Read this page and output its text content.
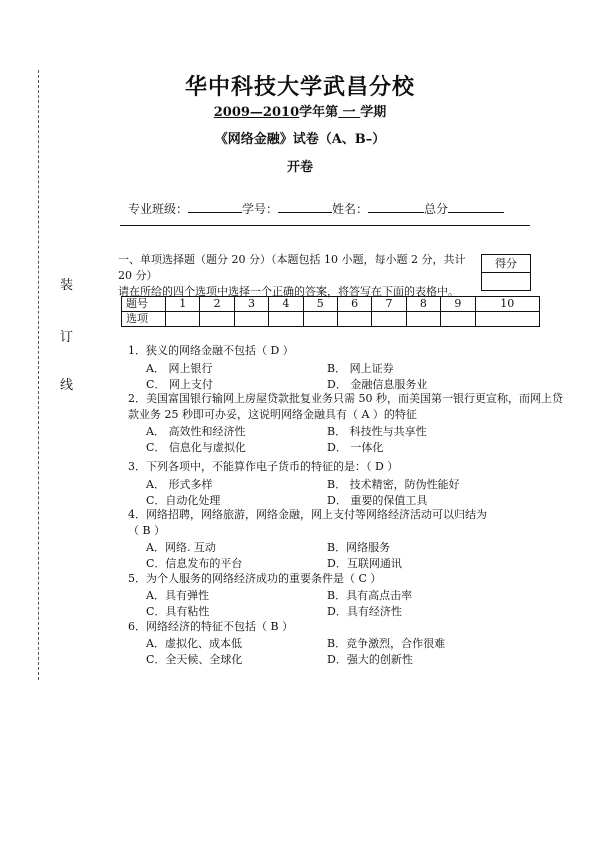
装
订
线
华中科技大学武昌分校
2009—2010学年第 一 学期
《网络金融》试卷（A、B–）
开卷
专业班级：	学号：	姓名：	总分
一、单项选择题（题分 20 分）（本题包括 10 小题，每小题 2 分，共计 20 分）
请在所给的四个选项中选择一个正确的答案，将答写在下面的表格中。
得分
题号	1	2	3	4	5	6	7	8	9	10
选项										
1．狭义的网络金融不包括（ D ）
A． 网上银行	B． 网上证券
C． 网上支付	D． 金融信息服务业
2．美国富国银行输网上房屋贷款批复业务只需 50 秒，而美国第一银行更宣称，而网上贷
款业务 25 秒即可办妥，这说明网络金融具有（ A ）的特征
A． 高效性和经济性	B． 科技性与共享性
C． 信息化与虚拟化	D． 一体化
3．下列各项中，不能算作电子货币的特征的是：（ D ）
A． 形式多样	B． 技术精密，防伪性能好
C．自动化处理	D． 重要的保值工具
4．网络招聘，网络旅游，网络金融，网上支付等网络经济活动可以归结为
（ B ）
A．网络. 互动	B．网络服务
C．信息发布的平台	D．互联网通讯
5．为个人服务的网络经济成功的重要条件是（ C ）
A．具有弹性	B．具有高点击率
C．具有粘性	D．具有经济性
6．网络经济的特征不包括（ B ）
A．虚拟化、成本低	B．竞争激烈，合作很难
C．全天候、全球化	D．强大的创新性
